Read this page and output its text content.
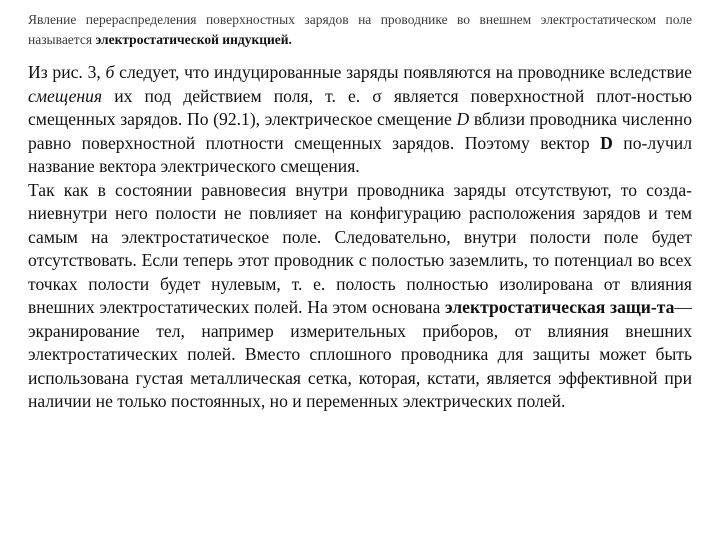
Явление перераспределения поверхностных зарядов на проводнике во внешнем электростатическом поле называется электростатической индукцией.

Из рис. 3, б следует, что индуцированные заряды появляются на проводнике вследствие смещения их под действием поля, т. е. σ является поверхностной плот-ностью смещенных зарядов. По (92.1), электрическое смещение D вблизи проводника численно равно поверхностной плотности смещенных зарядов. Поэтому вектор D по-лучил название вектора электрического смещения.

Так как в состоянии равновесия внутри проводника заряды отсутствуют, то созда-ниевнутри него полости не повлияет на конфигурацию расположения зарядов и тем самым на электростатическое поле. Следовательно, внутри полости поле будет отсутствовать. Если теперь этот проводник с полостью заземлить, то потенциал во всех точках полости будет нулевым, т. е. полость полностью изолирована от влияния внешних электростатических полей. На этом основана электростатическая защи-та— экранирование тел, например измерительных приборов, от влияния внешних электростатических полей. Вместо сплошного проводника для защиты может быть использована густая металлическая сетка, которая, кстати, является эффективной при наличии не только постоянных, но и переменных электрических полей.
